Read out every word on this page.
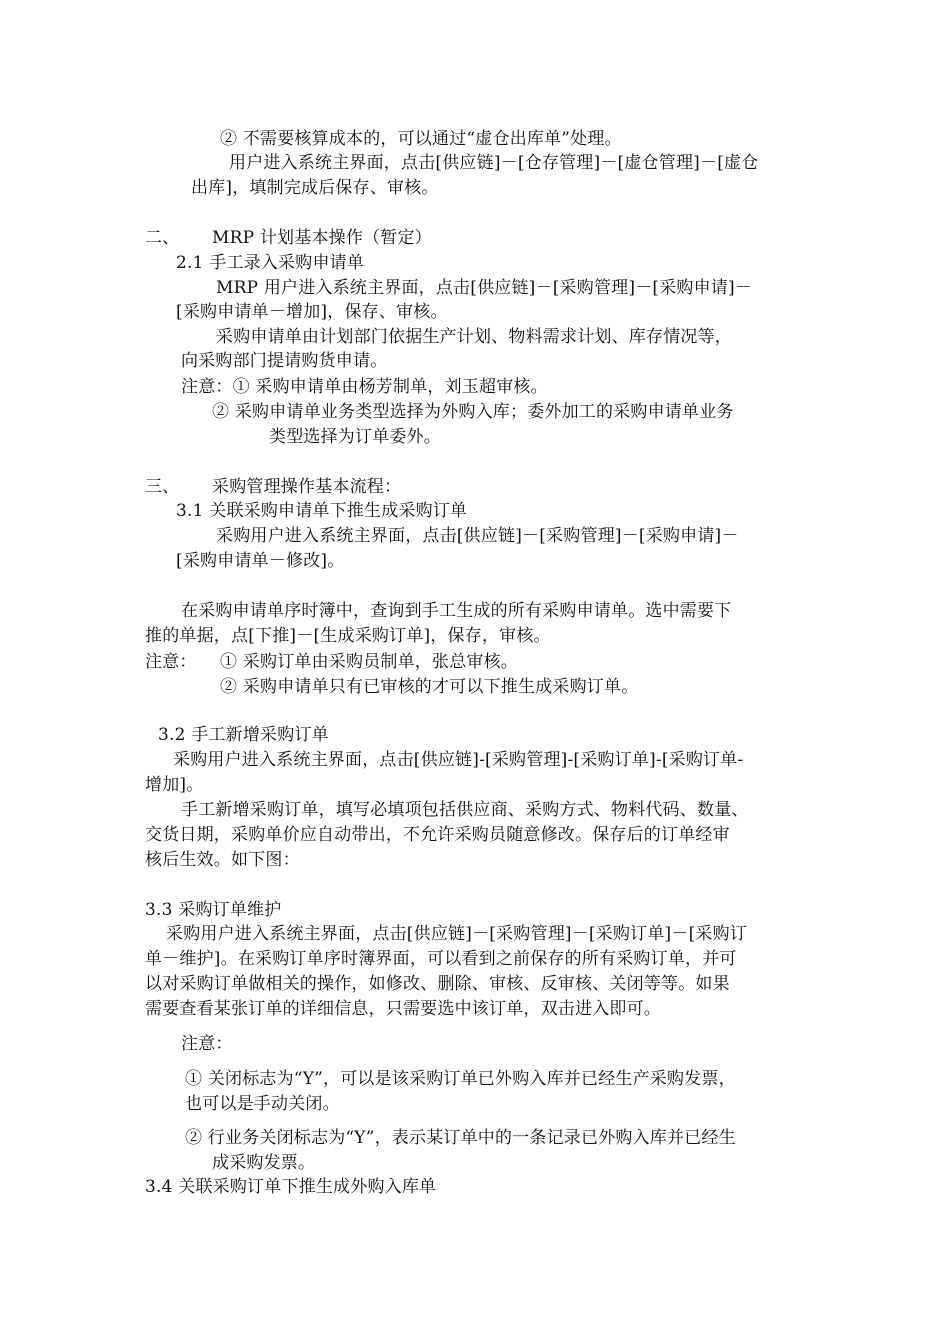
② 不需要核算成本的，可以通过“虚仓出库单”处理。
用户进入系统主界面，点击[供应链]－[仓存管理]－[虚仓管理]－[虚仓
出库]，填制完成后保存、审核。
二、 MRP 计划基本操作（暂定）
2.1 手工录入采购申请单
MRP 用户进入系统主界面，点击[供应链]－[采购管理]－[采购申请]－
[采购申请单－增加]，保存、审核。
采购申请单由计划部门依据生产计划、物料需求计划、库存情况等，
向采购部门提请购货申请。
注意：① 采购申请单由杨芳制单，刘玉超审核。
② 采购申请单业务类型选择为外购入库；委外加工的采购申请单业务
类型选择为订单委外。
三、 采购管理操作基本流程：
3.1 关联采购申请单下推生成采购订单
采购用户进入系统主界面，点击[供应链]－[采购管理]－[采购申请]－
[采购申请单－修改]。
在采购申请单序时簿中，查询到手工生成的所有采购申请单。选中需要下
推的单据，点[下推]－[生成采购订单]，保存，审核。
注意： ① 采购订单由采购员制单，张总审核。
② 采购申请单只有已审核的才可以下推生成采购订单。
3.2 手工新增采购订单
采购用户进入系统主界面，点击[供应链]-[采购管理]-[采购订单]-[采购订单-
增加]。
手工新增采购订单，填写必填项包括供应商、采购方式、物料代码、数量、
交货日期，采购单价应自动带出，不允许采购员随意修改。保存后的订单经审
核后生效。如下图：
3.3 采购订单维护
采购用户进入系统主界面，点击[供应链]－[采购管理]－[采购订单]－[采购订
单－维护]。在采购订单序时簿界面，可以看到之前保存的所有采购订单，并可
以对采购订单做相关的操作，如修改、删除、审核、反审核、关闭等等。如果
需要查看某张订单的详细信息，只需要选中该订单，双击进入即可。
注意：
① 关闭标志为“Y”，可以是该采购订单已外购入库并已经生产采购发票，
也可以是手动关闭。
② 行业务关闭标志为“Y”，表示某订单中的一条记录已外购入库并已经生
成采购发票。
3.4 关联采购订单下推生成外购入库单
